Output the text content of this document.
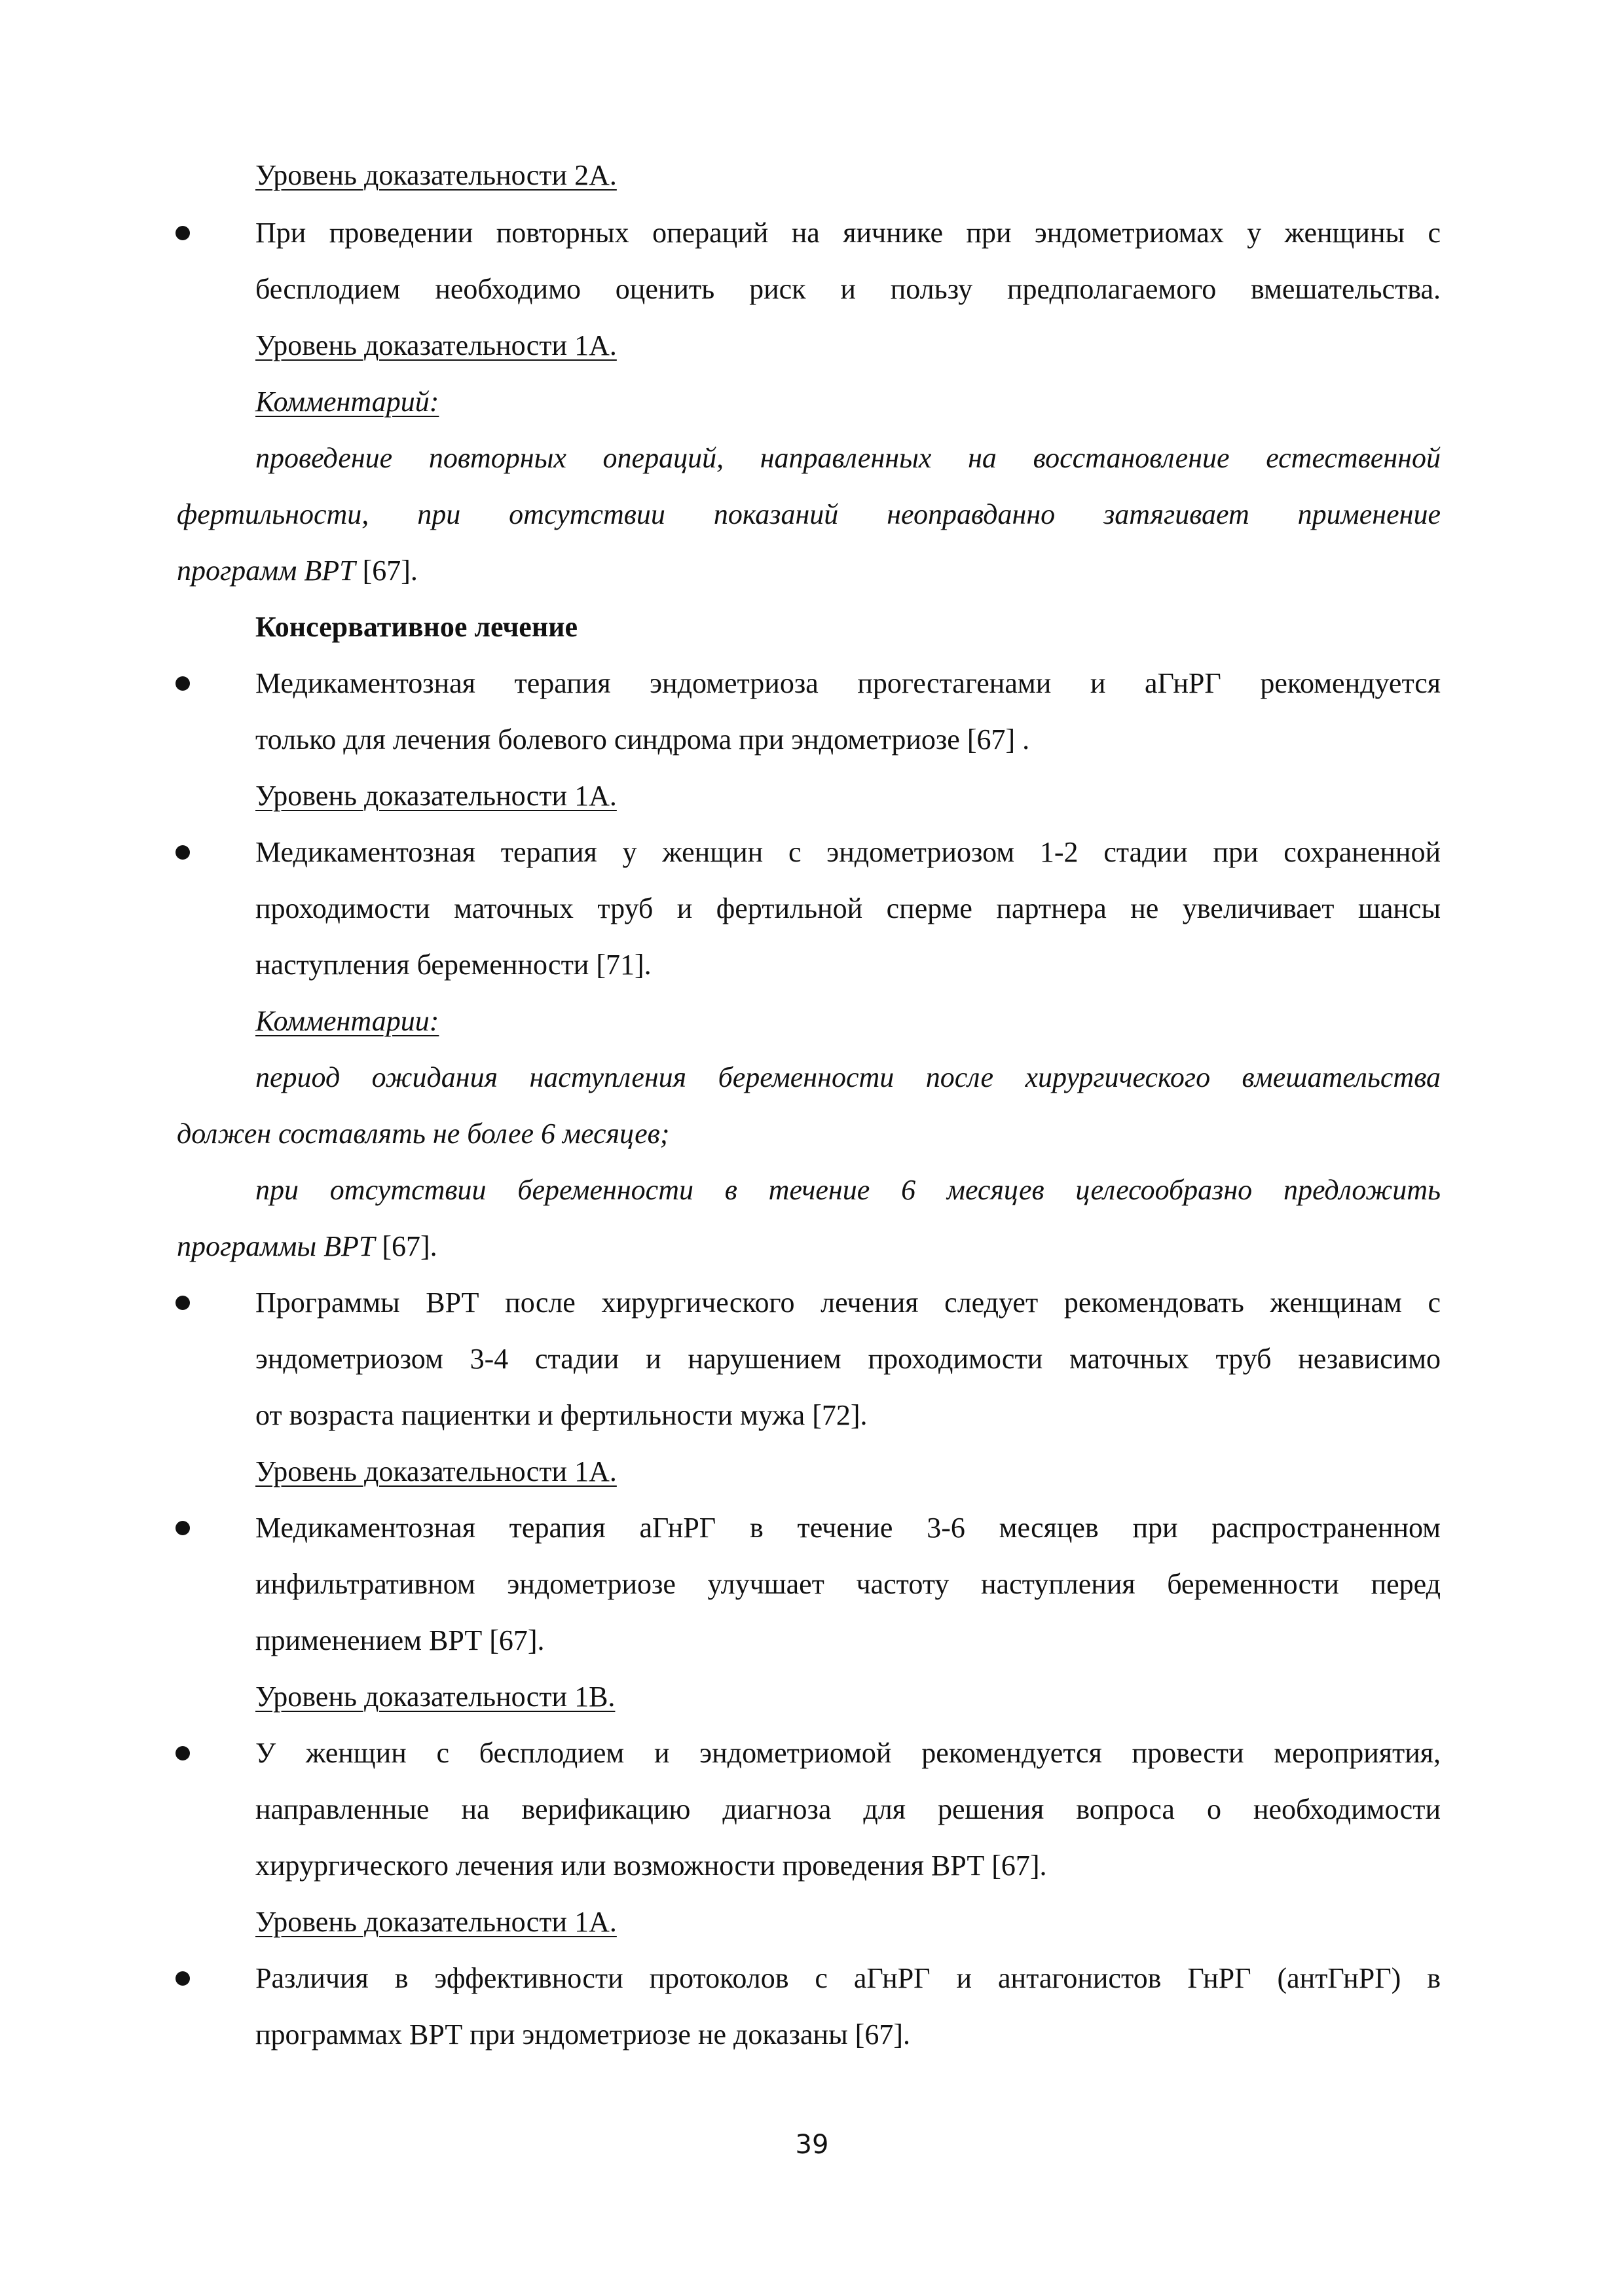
Уровень доказательности 2А.
При проведении повторных операций на яичнике при эндометриомах у женщины с
бесплодием необходимо оценить риск и пользу предполагаемого вмешательства.
Уровень доказательности 1А.
Комментарий:
проведение повторных операций, направленных на восстановление естественной
фертильности, при отсутствии показаний неоправданно затягивает применение
программ ВРТ [67].
Консервативное лечение
Медикаментозная терапия эндометриоза прогестагенами и аГнРГ рекомендуется
только для лечения болевого синдрома при эндометриозе [67] .
Уровень доказательности 1А.
Медикаментозная терапия у женщин с эндометриозом 1-2 стадии при сохраненной
проходимости маточных труб и фертильной сперме партнера не увеличивает шансы
наступления беременности [71].
Комментарии:
период ожидания наступления беременности после хирургического вмешательства
должен составлять не более 6 месяцев;
при отсутствии беременности в течение 6 месяцев целесообразно предложить
программы ВРТ [67].
Программы ВРТ после хирургического лечения следует рекомендовать женщинам с
эндометриозом 3-4 стадии и нарушением проходимости маточных труб независимо
от возраста пациентки и фертильности мужа [72].
Уровень доказательности 1А.
Медикаментозная терапия аГнРГ в течение 3-6 месяцев при распространенном
инфильтративном эндометриозе улучшает частоту наступления беременности перед
применением ВРТ [67].
Уровень доказательности 1В.
У женщин с бесплодием и эндометриомой рекомендуется провести мероприятия,
направленные на верификацию диагноза для решения вопроса о необходимости
хирургического лечения или возможности проведения ВРТ [67].
Уровень доказательности 1А.
Различия в эффективности протоколов с аГнРГ и антагонистов ГнРГ (антГнРГ) в
программах ВРТ при эндометриозе не доказаны [67].
39
